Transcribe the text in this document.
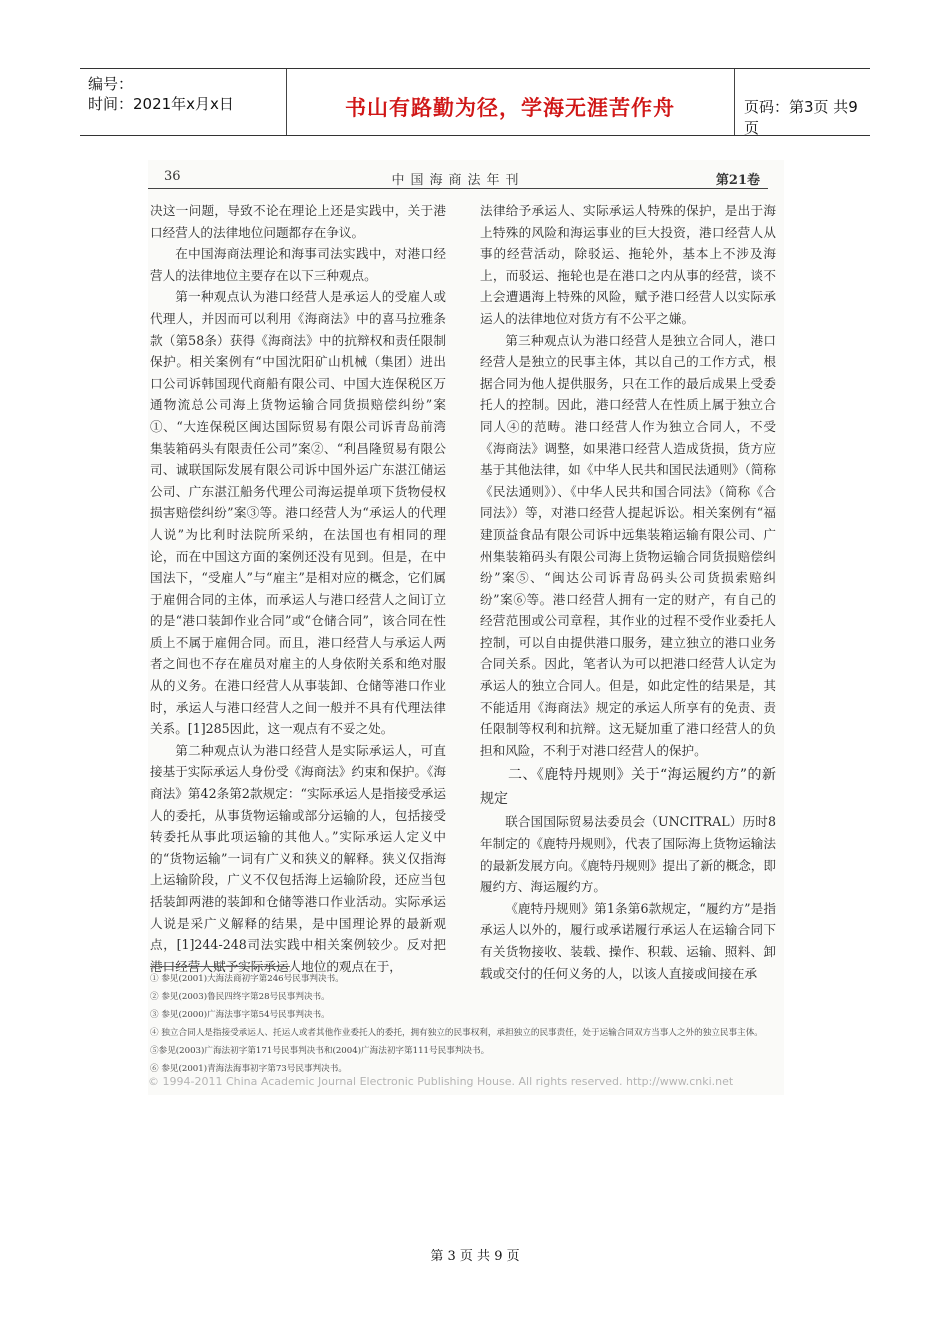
编号：
时间：2021年x月x日	书山有路勤为径，学海无涯苦作舟	页码：第3页 共9页
36	中国海商法年刊	第21卷

决这一问题，导致不论在理论上还是实践中，关于港口经营人的法律地位问题都存在争议。

在中国海商法理论和海事司法实践中，对港口经营人的法律地位主要存在以下三种观点。

第一种观点认为港口经营人是承运人的受雇人或代理人，并因而可以利用《海商法》中的喜马拉雅条款（第58条）获得《海商法》中的抗辩权和责任限制保护。相关案例有“中国沈阳矿山机械（集团）进出口公司诉韩国现代商船有限公司、中国大连保税区万通物流总公司海上货物运输合同货损赔偿纠纷”案①、“大连保税区闽达国际贸易有限公司诉青岛前湾集装箱码头有限责任公司”案②、“利昌隆贸易有限公司、诚联国际发展有限公司诉中国外运广东湛江储运公司、广东湛江船务代理公司海运提单项下货物侵权损害赔偿纠纷”案③等。港口经营人为“承运人的代理人说”为比利时法院所采纳，在法国也有相同的理论，而在中国这方面的案例还没有见到。但是，在中国法下，“受雇人”与“雇主”是相对应的概念，它们属于雇佣合同的主体，而承运人与港口经营人之间订立的是“港口装卸作业合同”或“仓储合同”，该合同在性质上不属于雇佣合同。而且，港口经营人与承运人两者之间也不存在雇员对雇主的人身依附关系和绝对服从的义务。在港口经营人从事装卸、仓储等港口作业时，承运人与港口经营人之间一般并不具有代理法律关系。[1]285因此，这一观点有不妥之处。

第二种观点认为港口经营人是实际承运人，可直接基于实际承运人身份受《海商法》约束和保护。《海商法》第42条第2款规定：“实际承运人是指接受承运人的委托，从事货物运输或部分运输的人，包括接受转委托从事此项运输的其他人。”实际承运人定义中的“货物运输”一词有广义和狭义的解释。狭义仅指海上运输阶段，广义不仅包括海上运输阶段，还应当包括装卸两港的装卸和仓储等港口作业活动。实际承运人说是采广义解释的结果，是中国理论界的最新观点，[1]244-248司法实践中相关案例较少。反对把港口经营人赋予实际承运人地位的观点在于，

法律给予承运人、实际承运人特殊的保护，是出于海上特殊的风险和海运事业的巨大投资，港口经营人从事的经营活动，除驳运、拖轮外，基本上不涉及海上，而驳运、拖轮也是在港口之内从事的经营，谈不上会遭遇海上特殊的风险，赋予港口经营人以实际承运人的法律地位对货方有不公平之嫌。

第三种观点认为港口经营人是独立合同人，港口经营人是独立的民事主体，其以自己的工作方式，根据合同为他人提供服务，只在工作的最后成果上受委托人的控制。因此，港口经营人在性质上属于独立合同人④的范畴。港口经营人作为独立合同人，不受《海商法》调整，如果港口经营人造成货损，货方应基于其他法律，如《中华人民共和国民法通则》（简称《民法通则》）、《中华人民共和国合同法》（简称《合同法》）等，对港口经营人提起诉讼。相关案例有“福建顶益食品有限公司诉中远集装箱运输有限公司、广州集装箱码头有限公司海上货物运输合同货损赔偿纠纷”案⑤、“闽达公司诉青岛码头公司货损索赔纠纷”案⑥等。港口经营人拥有一定的财产，有自己的经营范围或公司章程，其作业的过程不受作业委托人控制，可以自由提供港口服务，建立独立的港口业务合同关系。因此，笔者认为可以把港口经营人认定为承运人的独立合同人。但是，如此定性的结果是，其不能适用《海商法》规定的承运人所享有的免责、责任限制等权利和抗辩。这无疑加重了港口经营人的负担和风险，不利于对港口经营人的保护。

二、《鹿特丹规则》关于“海运履约方”的新规定

联合国国际贸易法委员会（UNCITRAL）历时8年制定的《鹿特丹规则》，代表了国际海上货物运输法的最新发展方向。《鹿特丹规则》提出了新的概念，即履约方、海运履约方。

《鹿特丹规则》第1条第6款规定，“履约方”是指承运人以外的，履行或承诺履行承运人在运输合同下有关货物接收、装载、操作、积载、运输、照料、卸载或交付的任何义务的人，以该人直接或间接在承

① 参见(2001)大海法商初字第246号民事判决书。

② 参见(2003)鲁民四终字第28号民事判决书。

③ 参见(2000)广海法事字第54号民事判决书。

④ 独立合同人是指接受承运人、托运人或者其他作业委托人的委托，拥有独立的民事权利，承担独立的民事责任，处于运输合同双方当事人之外的独立民事主体。

⑤参见(2003)广海法初字第171号民事判决书和(2004)广海法初字第111号民事判决书。

⑥ 参见(2001)青海法海事初字第73号民事判决书。

© 1994-2011 China Academic Journal Electronic Publishing House. All rights reserved. http://www.cnki.net
第 3 页 共 9 页
